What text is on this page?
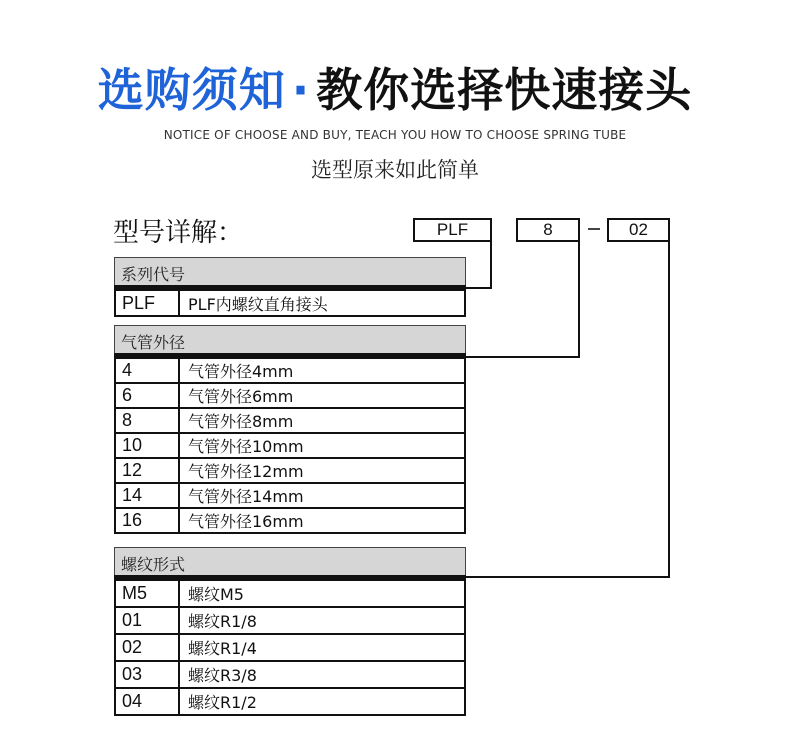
选购须知 · 教你选择快速接头
NOTICE OF CHOOSE AND BUY, TEACH YOU HOW TO CHOOSE SPRING TUBE
选型原来如此简单
型号详解：	PLF	8	02
系列代号
PLF	PLF内螺纹直角接头
气管外径
4	气管外径4mm
6	气管外径6mm
8	气管外径8mm
10	气管外径10mm
12	气管外径12mm
14	气管外径14mm
16	气管外径16mm
螺纹形式
M5	螺纹M5
01	螺纹R1/8
02	螺纹R1/4
03	螺纹R3/8
04	螺纹R1/2
